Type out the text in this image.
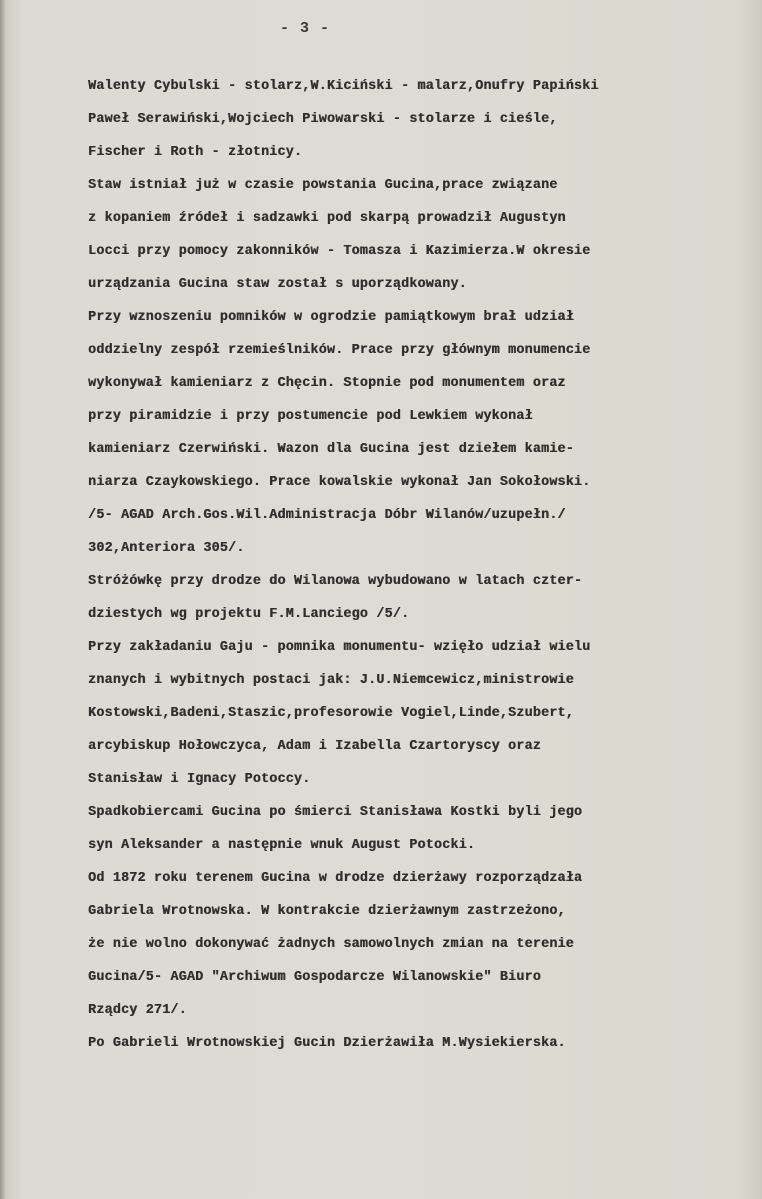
- 3 -
Walenty Cybulski - stolarz,W.Kiciński - malarz,Onufry Papiński
Paweł Serawiński,Wojciech Piwowarski - stolarze i cieśle,
Fischer i Roth - złotnicy.
Staw istniał już w czasie powstania Gucina,prace związane
z kopaniem źródeł i sadzawki pod skarpą prowadził Augustyn
Locci przy pomocy zakonników - Tomasza i Kazimierza.W okresie
urządzania Gucina staw został s uporządkowany.
Przy wznoszeniu pomników w ogrodzie pamiątkowym brał udział
oddzielny zespół rzemieślników. Prace przy głównym monumencie
wykonywał kamieniarz z Chęcin. Stopnie pod monumentem oraz
przy piramidzie i przy postumencie pod Lewkiem wykonał
kamieniarz Czerwiński. Wazon dla Gucina jest dziełem kamie-
niarza Czaykowskiego. Prace kowalskie wykonał Jan Sokołowski.
/5- AGAD Arch.Gos.Wil.Administracja Dóbr Wilanów/uzupełn./
302,Anteriora 305/.
Stróżówkę przy drodze do Wilanowa wybudowano w latach czter-
dziestych wg projektu F.M.Lanciego /5/.
Przy zakładaniu Gaju - pomnika monumentu- wzięło udział wielu
znanych i wybitnych postaci jak: J.U.Niemcewicz,ministrowie
Kostowski,Badeni,Staszic,profesorowie Vogiel,Linde,Szubert,
arcybiskup Hołowczyca, Adam i Izabella Czartoryscy oraz
Stanisław i Ignacy Potoccy.
Spadkobiercami Gucina po śmierci Stanisława Kostki byli jego
syn Aleksander a następnie wnuk August Potocki.
Od 1872 roku terenem Gucina w drodze dzierżawy rozporządzała
Gabriela Wrotnowska. W kontrakcie dzierżawnym zastrzeżono,
że nie wolno dokonywać żadnych samowolnych zmian na terenie
Gucina/5- AGAD "Archiwum Gospodarcze Wilanowskie" Biuro
Rządcy 271/.
Po Gabrieli Wrotnowskiej Gucin Dzierżawiła M.Wysiekierska.
